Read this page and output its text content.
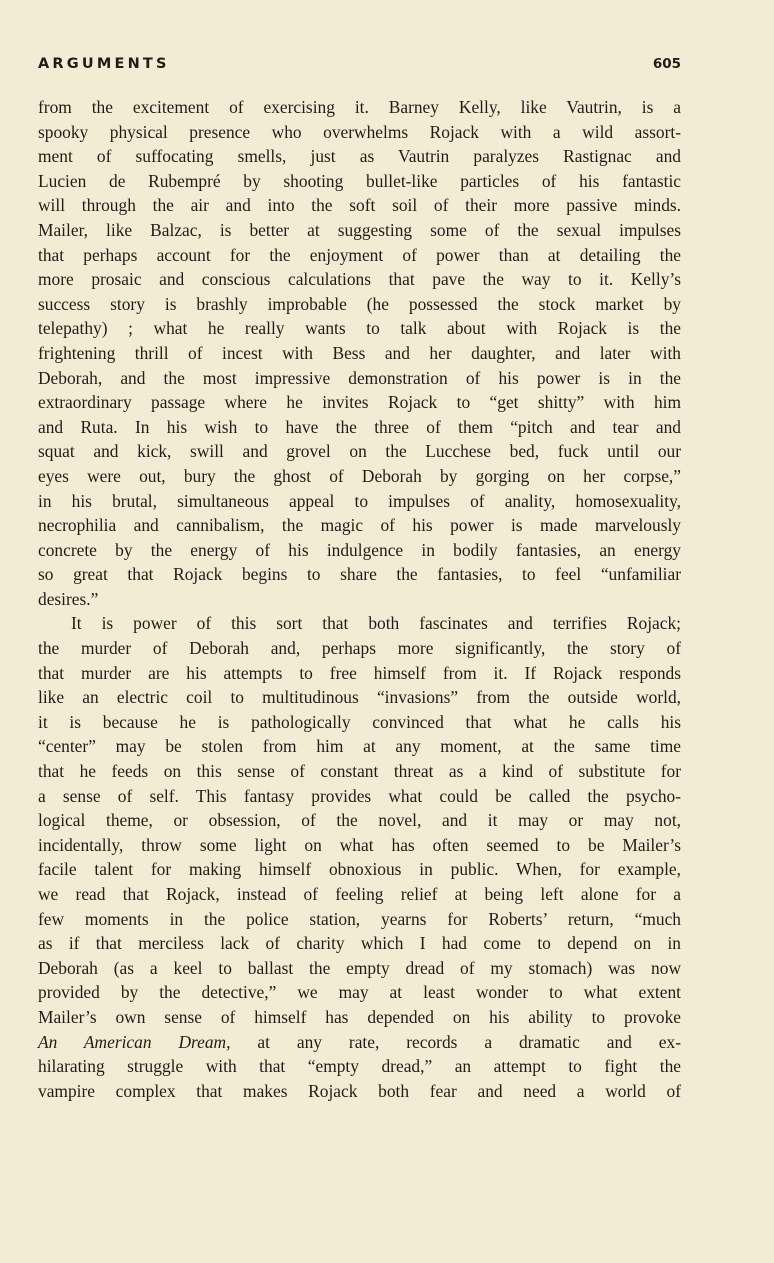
ARGUMENTS	605
from the excitement of exercising it. Barney Kelly, like Vautrin, is a
spooky physical presence who overwhelms Rojack with a wild assort-
ment of suffocating smells, just as Vautrin paralyzes Rastignac and
Lucien de Rubempré by shooting bullet-like particles of his fantastic
will through the air and into the soft soil of their more passive minds.
Mailer, like Balzac, is better at suggesting some of the sexual impulses
that perhaps account for the enjoyment of power than at detailing the
more prosaic and conscious calculations that pave the way to it. Kelly’s
success story is brashly improbable (he possessed the stock market by
telepathy) ; what he really wants to talk about with Rojack is the
frightening thrill of incest with Bess and her daughter, and later with
Deborah, and the most impressive demonstration of his power is in the
extraordinary passage where he invites Rojack to “get shitty” with him
and Ruta. In his wish to have the three of them “pitch and tear and
squat and kick, swill and grovel on the Lucchese bed, fuck until our
eyes were out, bury the ghost of Deborah by gorging on her corpse,”
in his brutal, simultaneous appeal to impulses of anality, homosexuality,
necrophilia and cannibalism, the magic of his power is made marvelously
concrete by the energy of his indulgence in bodily fantasies, an energy
so great that Rojack begins to share the fantasies, to feel “unfamiliar
desires.”
It is power of this sort that both fascinates and terrifies Rojack;
the murder of Deborah and, perhaps more significantly, the story of
that murder are his attempts to free himself from it. If Rojack responds
like an electric coil to multitudinous “invasions” from the outside world,
it is because he is pathologically convinced that what he calls his
“center” may be stolen from him at any moment, at the same time
that he feeds on this sense of constant threat as a kind of substitute for
a sense of self. This fantasy provides what could be called the psycho-
logical theme, or obsession, of the novel, and it may or may not,
incidentally, throw some light on what has often seemed to be Mailer’s
facile talent for making himself obnoxious in public. When, for example,
we read that Rojack, instead of feeling relief at being left alone for a
few moments in the police station, yearns for Roberts’ return, “much
as if that merciless lack of charity which I had come to depend on in
Deborah (as a keel to ballast the empty dread of my stomach) was now
provided by the detective,” we may at least wonder to what extent
Mailer’s own sense of himself has depended on his ability to provoke
An American Dream, at any rate, records a dramatic and ex-
hilarating struggle with that “empty dread,” an attempt to fight the
vampire complex that makes Rojack both fear and need a world of
